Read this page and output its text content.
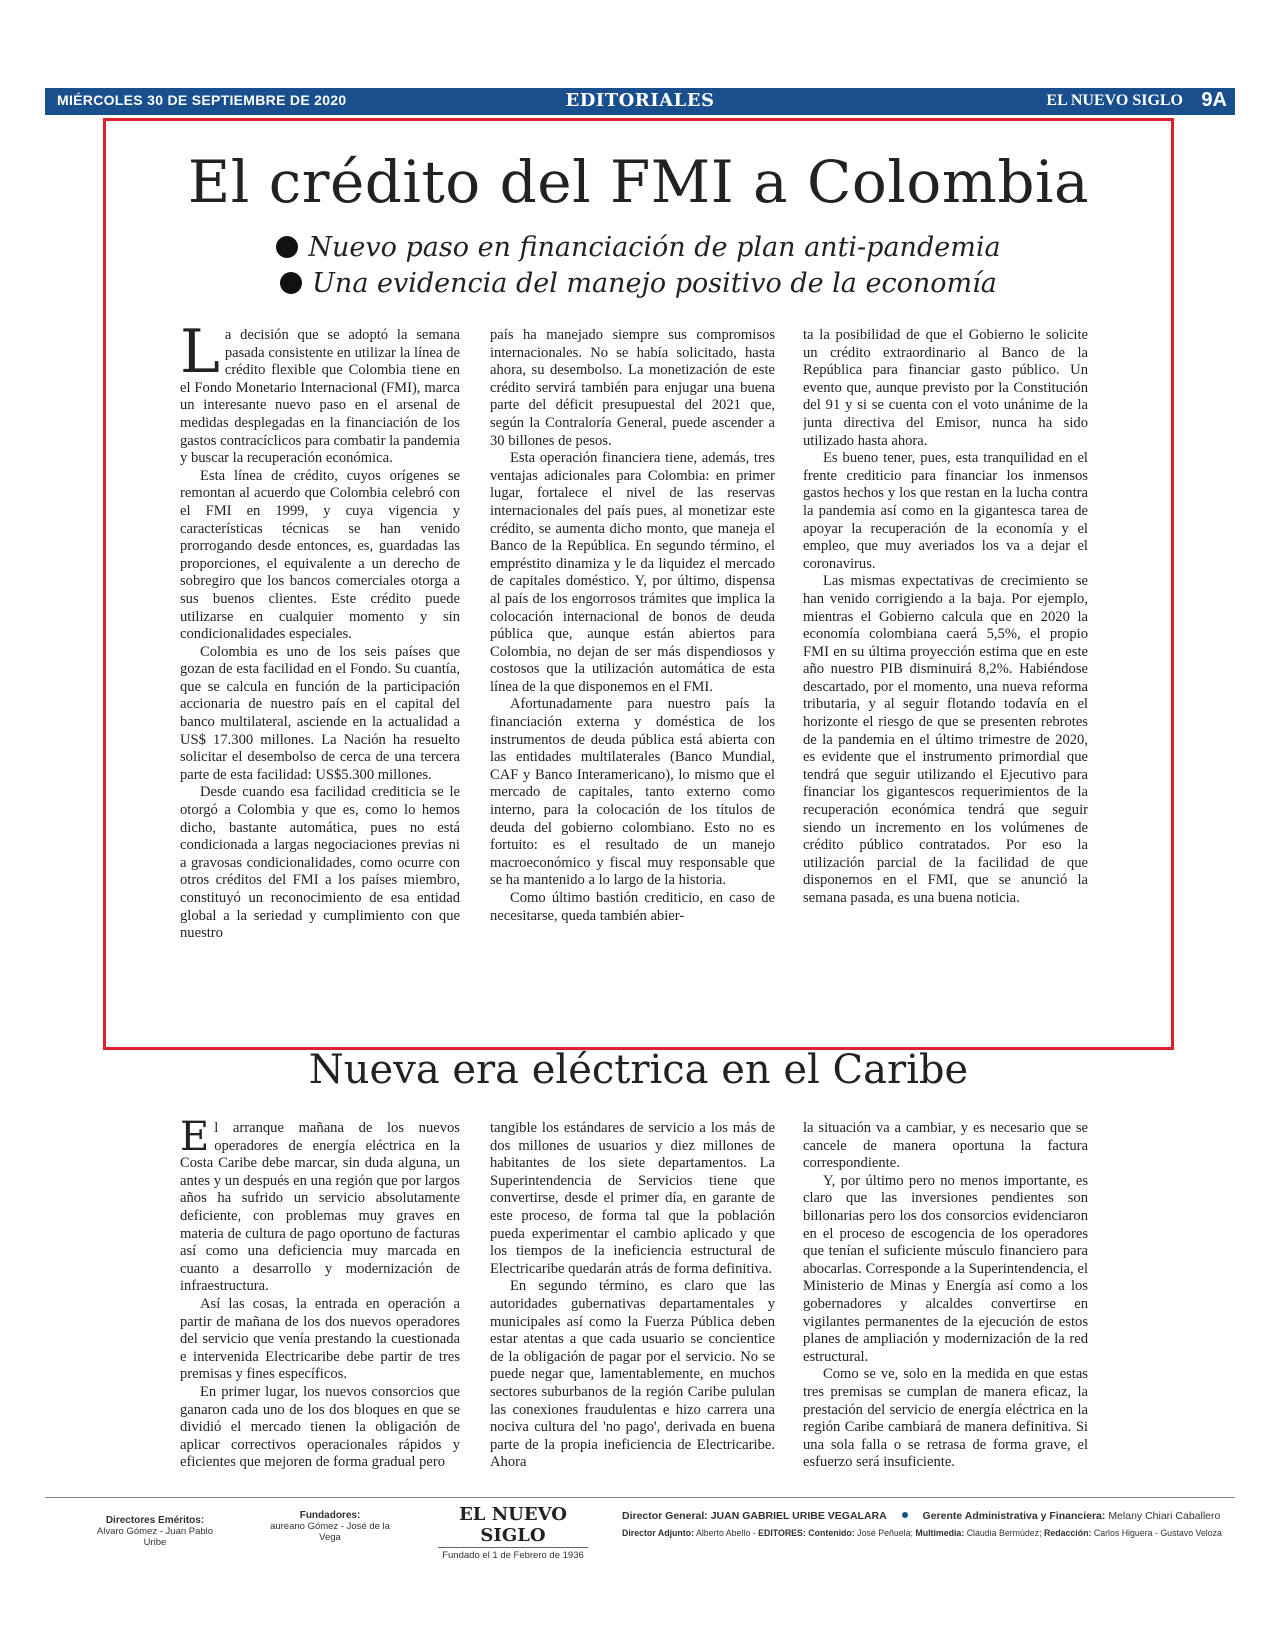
MIÉRCOLES 30 DE SEPTIEMBRE DE 2020	EDITORIALES	EL NUEVO SIGLO 9A
El crédito del FMI a Colombia
Nuevo paso en financiación de plan anti-pandemia
Una evidencia del manejo positivo de la economía

La decisión que se adoptó la semana pasada consistente en utilizar la línea de crédito flexible que Colombia tiene en el Fondo Monetario Internacional (FMI), marca un interesante nuevo paso en el arsenal de medidas desplegadas en la financiación de los gastos contracíclicos para combatir la pandemia y buscar la recuperación económica.

Esta línea de crédito, cuyos orígenes se remontan al acuerdo que Colombia celebró con el FMI en 1999, y cuya vigencia y características técnicas se han venido prorrogando desde entonces, es, guardadas las proporciones, el equivalente a un derecho de sobregiro que los bancos comerciales otorga a sus buenos clientes. Este crédito puede utilizarse en cualquier momento y sin condicionalidades especiales.

Colombia es uno de los seis países que gozan de esta facilidad en el Fondo. Su cuantía, que se calcula en función de la participación accionaria de nuestro país en el capital del banco multilateral, asciende en la actualidad a US$ 17.300 millones. La Nación ha resuelto solicitar el desembolso de cerca de una tercera parte de esta facilidad: US$5.300 millones.

Desde cuando esa facilidad crediticia se le otorgó a Colombia y que es, como lo hemos dicho, bastante automática, pues no está condicionada a largas negociaciones previas ni a gravosas condicionalidades, como ocurre con otros créditos del FMI a los países miembro, constituyó un reconocimiento de esa entidad global a la seriedad y cumplimiento con que nuestro

país ha manejado siempre sus compromisos internacionales. No se había solicitado, hasta ahora, su desembolso. La monetización de este crédito servirá también para enjugar una buena parte del déficit presupuestal del 2021 que, según la Contraloría General, puede ascender a 30 billones de pesos.

Esta operación financiera tiene, además, tres ventajas adicionales para Colombia: en primer lugar, fortalece el nivel de las reservas internacionales del país pues, al monetizar este crédito, se aumenta dicho monto, que maneja el Banco de la República. En segundo término, el empréstito dinamiza y le da liquidez el mercado de capitales doméstico. Y, por último, dispensa al país de los engorrosos trámites que implica la colocación internacional de bonos de deuda pública que, aunque están abiertos para Colombia, no dejan de ser más dispendiosos y costosos que la utilización automática de esta línea de la que disponemos en el FMI.

Afortunadamente para nuestro país la financiación externa y doméstica de los instrumentos de deuda pública está abierta con las entidades multilaterales (Banco Mundial, CAF y Banco Interamericano), lo mismo que el mercado de capitales, tanto externo como interno, para la colocación de los títulos de deuda del gobierno colombiano. Esto no es fortuito: es el resultado de un manejo macroeconómico y fiscal muy responsable que se ha mantenido a lo largo de la historia.

Como último bastión crediticio, en caso de necesitarse, queda también abier-

ta la posibilidad de que el Gobierno le solicite un crédito extraordinario al Banco de la República para financiar gasto público. Un evento que, aunque previsto por la Constitución del 91 y si se cuenta con el voto unánime de la junta directiva del Emisor, nunca ha sido utilizado hasta ahora.

Es bueno tener, pues, esta tranquilidad en el frente crediticio para financiar los inmensos gastos hechos y los que restan en la lucha contra la pandemia así como en la gigantesca tarea de apoyar la recuperación de la economía y el empleo, que muy averiados los va a dejar el coronavirus.

Las mismas expectativas de crecimiento se han venido corrigiendo a la baja. Por ejemplo, mientras el Gobierno calcula que en 2020 la economía colombiana caerá 5,5%, el propio FMI en su última proyección estima que en este año nuestro PIB disminuirá 8,2%. Habiéndose descartado, por el momento, una nueva reforma tributaria, y al seguir flotando todavía en el horizonte el riesgo de que se presenten rebrotes de la pandemia en el último trimestre de 2020, es evidente que el instrumento primordial que tendrá que seguir utilizando el Ejecutivo para financiar los gigantescos requerimientos de la recuperación económica tendrá que seguir siendo un incremento en los volúmenes de crédito público contratados. Por eso la utilización parcial de la facilidad de que disponemos en el FMI, que se anunció la semana pasada, es una buena noticia.

Nueva era eléctrica en el Caribe

El arranque mañana de los nuevos operadores de energía eléctrica en la Costa Caribe debe marcar, sin duda alguna, un antes y un después en una región que por largos años ha sufrido un servicio absolutamente deficiente, con problemas muy graves en materia de cultura de pago oportuno de facturas así como una deficiencia muy marcada en cuanto a desarrollo y modernización de infraestructura.

Así las cosas, la entrada en operación a partir de mañana de los dos nuevos operadores del servicio que venía prestando la cuestionada e intervenida Electricaribe debe partir de tres premisas y fines específicos.

En primer lugar, los nuevos consorcios que ganaron cada uno de los dos bloques en que se dividió el mercado tienen la obligación de aplicar correctivos operacionales rápidos y eficientes que mejoren de forma gradual pero

tangible los estándares de servicio a los más de dos millones de usuarios y diez millones de habitantes de los siete departamentos. La Superintendencia de Servicios tiene que convertirse, desde el primer día, en garante de este proceso, de forma tal que la población pueda experimentar el cambio aplicado y que los tiempos de la ineficiencia estructural de Electricaribe quedarán atrás de forma definitiva.

En segundo término, es claro que las autoridades gubernativas departamentales y municipales así como la Fuerza Pública deben estar atentas a que cada usuario se concientice de la obligación de pagar por el servicio. No se puede negar que, lamentablemente, en muchos sectores suburbanos de la región Caribe pululan las conexiones fraudulentas e hizo carrera una nociva cultura del 'no pago', derivada en buena parte de la propia ineficiencia de Electricaribe. Ahora

la situación va a cambiar, y es necesario que se cancele de manera oportuna la factura correspondiente.

Y, por último pero no menos importante, es claro que las inversiones pendientes son billonarias pero los dos consorcios evidenciaron en el proceso de escogencia de los operadores que tenían el suficiente músculo financiero para abocarlas. Corresponde a la Superintendencia, el Ministerio de Minas y Energía así como a los gobernadores y alcaldes convertirse en vigilantes permanentes de la ejecución de estos planes de ampliación y modernización de la red estructural.

Como se ve, solo en la medida en que estas tres premisas se cumplan de manera eficaz, la prestación del servicio de energía eléctrica en la región Caribe cambiará de manera definitiva. Si una sola falla o se retrasa de forma grave, el esfuerzo será insuficiente.

Directores Eméritos:
Alvaro Gómez - Juan Pablo Uribe
Fundadores:
aureano Gómez - José de la Vega
EL NUEVO SIGLO
Fundado el 1 de Febrero de 1936
Director General: JUAN GABRIEL URIBE VEGALARA	Gerente Administrativa y Financiera: Melany Chiari Caballero
Director Adjunto: Alberto Abello - EDITORES: Contenido: José Peñuela; Multimedia: Claudia Bermúdez; Redacción: Carlos Higuera - Gustavo Veloza
